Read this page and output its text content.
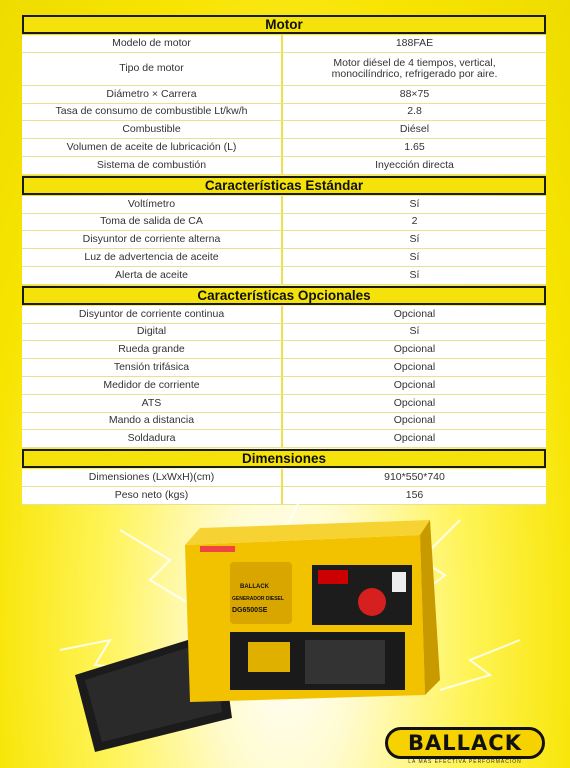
Motor
Modelo de motor	188FAE
Tipo de motor	Motor diésel de 4 tiempos, vertical, monocilíndrico, refrigerado por aire.
Diámetro × Carrera	88×75
Tasa de consumo de combustible Lt/kw/h	2.8
Combustible	Diésel
Volumen de aceite de lubricación (L)	1.65
Sistema de combustión	Inyección directa
Características Estándar
Voltímetro	Sí
Toma de salida de CA	2
Disyuntor de corriente alterna	Sí
Luz de advertencia de aceite	Sí
Alerta de aceite	Sí
Características Opcionales
Disyuntor de corriente continua	Opcional
Digital	Sí
Rueda grande	Opcional
Tensión trifásica	Opcional
Medidor de corriente	Opcional
ATS	Opcional
Mando a distancia	Opcional
Soldadura	Opcional
Dimensiones
Dimensiones (LxWxH)(cm)	910*550*740
Peso neto (kgs)	156
BALLACK
GENERADOR DIESEL
DG6500SE
BALLACK
LA MAS EFECTIVA PERFORMACION
